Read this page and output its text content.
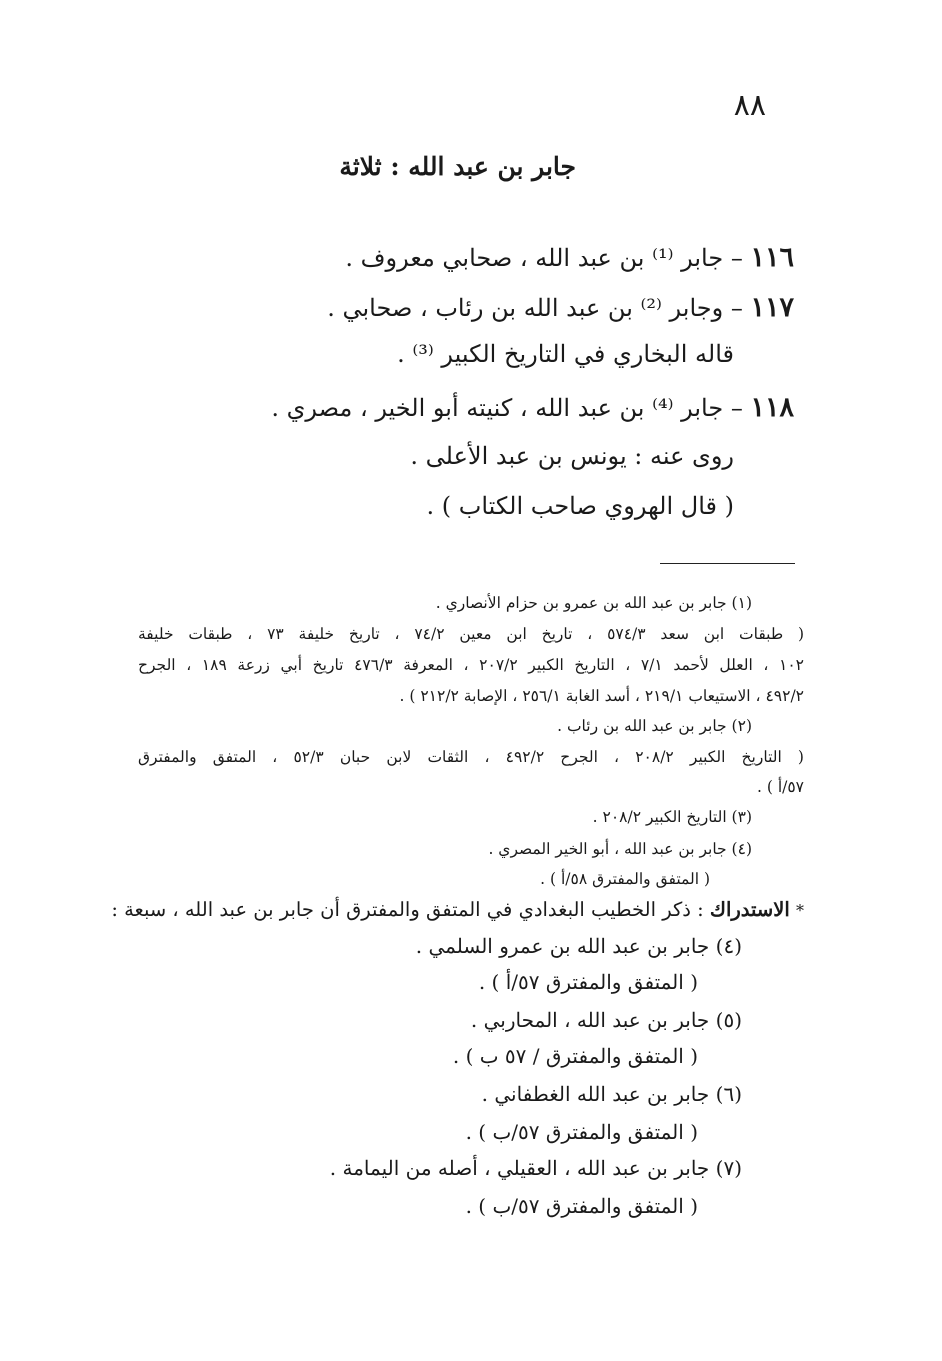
٨٨
جابر بن عبد الله : ثلاثة
١١٦ – جابر ⁽¹⁾ بن عبد الله ، صحابي معروف .
١١٧ – وجابر ⁽²⁾ بن عبد الله بن رئاب ، صحابي .
قاله البخاري في التاريخ الكبير ⁽³⁾ .
١١٨ – جابر ⁽⁴⁾ بن عبد الله ، كنيته أبو الخير ، مصري .
روى عنه : يونس بن عبد الأعلى .
( قال الهروي صاحب الكتاب ) .
(١) جابر بن عبد الله بن عمرو بن حزام الأنصاري .
( طبقات ابن سعد ٥٧٤/٣ ، تاريخ ابن معين ٧٤/٢ ، تاريخ خليفة ٧٣ ، طبقات خليفة
١٠٢ ، العلل لأحمد ٧/١ ، التاريخ الكبير ٢٠٧/٢ ، المعرفة ٤٧٦/٣ تاريخ أبي زرعة ١٨٩ ، الجرح
٤٩٢/٢ ، الاستيعاب ٢١٩/١ ، أسد الغابة ٢٥٦/١ ، الإصابة ٢١٢/٢ ) .
(٢) جابر بن عبد الله بن رئاب .
( التاريخ الكبير ٢٠٨/٢ ، الجرح ٤٩٢/٢ ، الثقات لابن حبان ٥٢/٣ ، المتفق والمفترق
٥٧/أ ) .
(٣) التاريخ الكبير ٢٠٨/٢ .
(٤) جابر بن عبد الله ، أبو الخير المصري .
( المتفق والمفترق ٥٨/أ ) .
* الاستدراك : ذكر الخطيب البغدادي في المتفق والمفترق أن جابر بن عبد الله ، سبعة :
(٤) جابر بن عبد الله بن عمرو السلمي .
( المتفق والمفترق ٥٧/أ ) .
(٥) جابر بن عبد الله ، المحاربي .
( المتفق والمفترق / ٥٧ ب ) .
(٦) جابر بن عبد الله الغطفاني .
( المتفق والمفترق ٥٧/ب ) .
(٧) جابر بن عبد الله ، العقيلي ، أصله من اليمامة .
( المتفق والمفترق ٥٧/ب ) .
